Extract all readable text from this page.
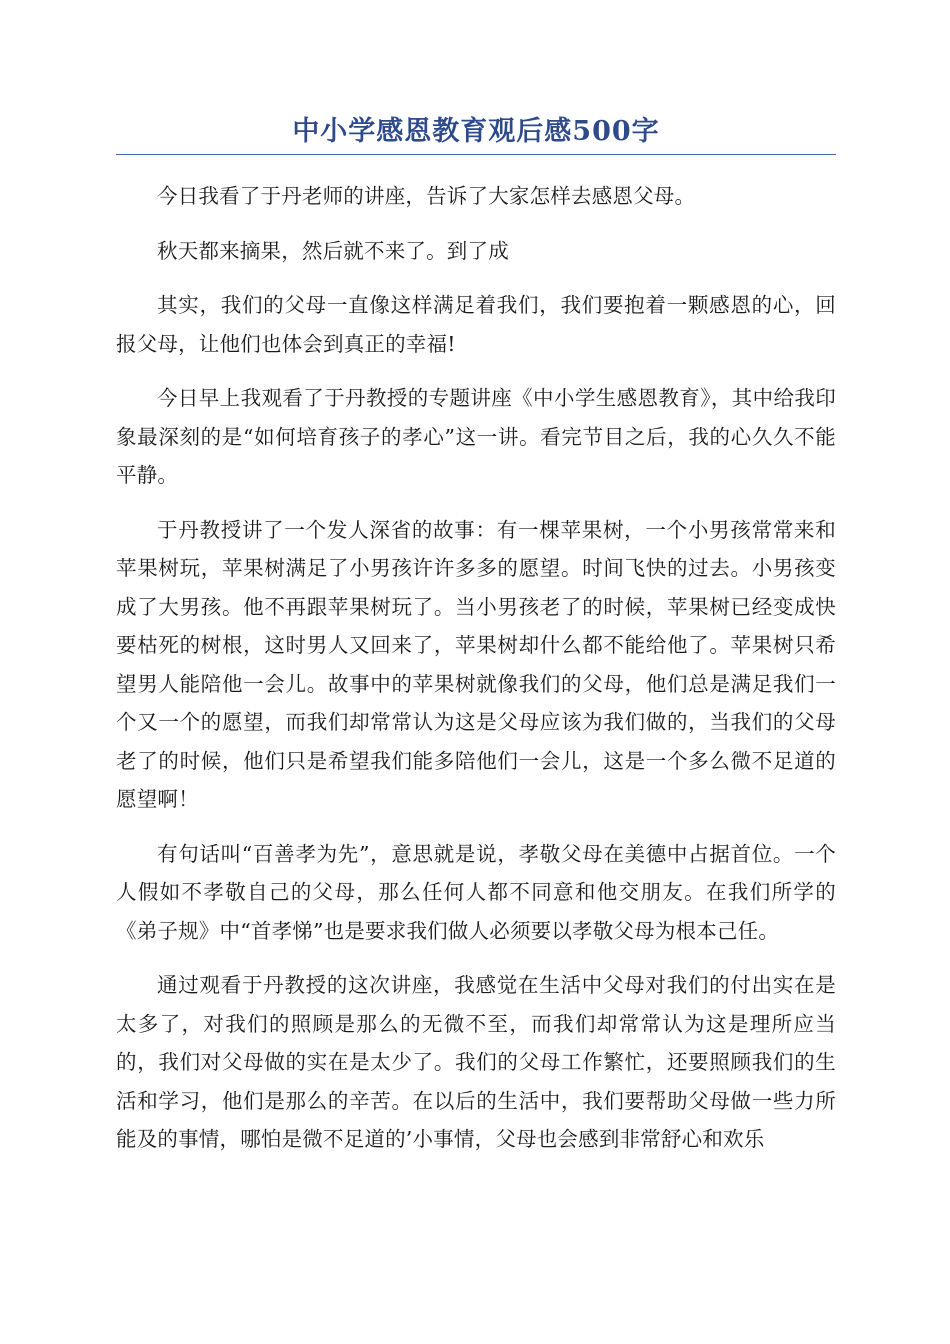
中小学感恩教育观后感500字

今日我看了于丹老师的讲座，告诉了大家怎样去感恩父母。

秋天都来摘果，然后就不来了。到了成

其实，我们的父母一直像这样满足着我们，我们要抱着一颗感恩的心，回报父母，让他们也体会到真正的幸福!

今日早上我观看了于丹教授的专题讲座《中小学生感恩教育》，其中给我印象最深刻的是“如何培育孩子的孝心”这一讲。看完节目之后，我的心久久不能平静。

于丹教授讲了一个发人深省的故事：有一棵苹果树，一个小男孩常常来和苹果树玩，苹果树满足了小男孩许许多多的愿望。时间飞快的过去。小男孩变成了大男孩。他不再跟苹果树玩了。当小男孩老了的时候，苹果树已经变成快要枯死的树根，这时男人又回来了，苹果树却什么都不能给他了。苹果树只希望男人能陪他一会儿。故事中的苹果树就像我们的父母，他们总是满足我们一个又一个的愿望，而我们却常常认为这是父母应该为我们做的，当我们的父母老了的时候，他们只是希望我们能多陪他们一会儿，这是一个多么微不足道的愿望啊！

有句话叫“百善孝为先”，意思就是说，孝敬父母在美德中占据首位。一个人假如不孝敬自己的父母，那么任何人都不同意和他交朋友。在我们所学的《弟子规》中“首孝悌”也是要求我们做人必须要以孝敬父母为根本己任。

通过观看于丹教授的这次讲座，我感觉在生活中父母对我们的付出实在是太多了，对我们的照顾是那么的无微不至，而我们却常常认为这是理所应当的，我们对父母做的实在是太少了。我们的父母工作繁忙，还要照顾我们的生活和学习，他们是那么的辛苦。在以后的生活中，我们要帮助父母做一些力所能及的事情，哪怕是微不足道的’小事情，父母也会感到非常舒心和欢乐
